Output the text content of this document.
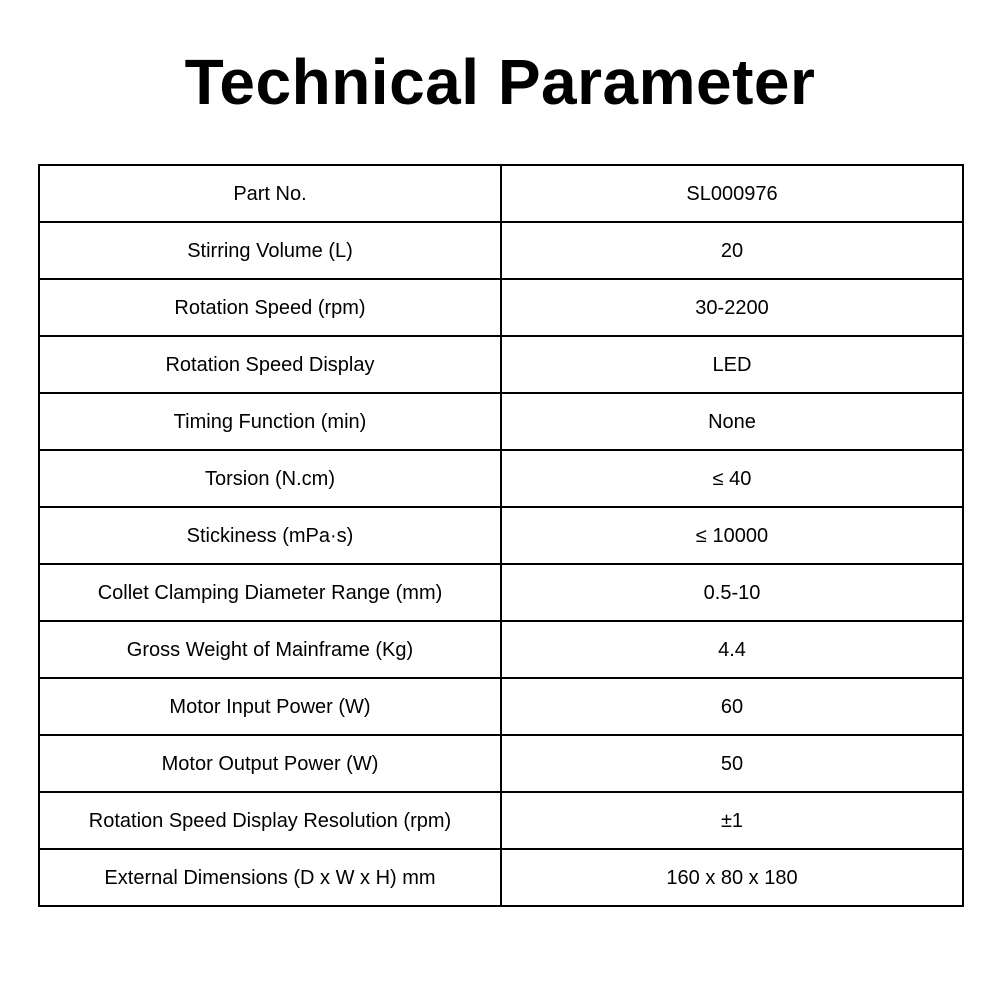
Technical Parameter
Part No.	SL000976
Stirring Volume (L)	20
Rotation Speed (rpm)	30-2200
Rotation Speed Display	LED
Timing Function (min)	None
Torsion (N.cm)	≤ 40
Stickiness (mPa·s)	≤ 10000
Collet Clamping Diameter Range (mm)	0.5-10
Gross Weight of Mainframe (Kg)	4.4
Motor Input Power (W)	60
Motor Output Power (W)	50
Rotation Speed Display Resolution (rpm)	±1
External Dimensions (D x W x H) mm	160 x 80 x 180
